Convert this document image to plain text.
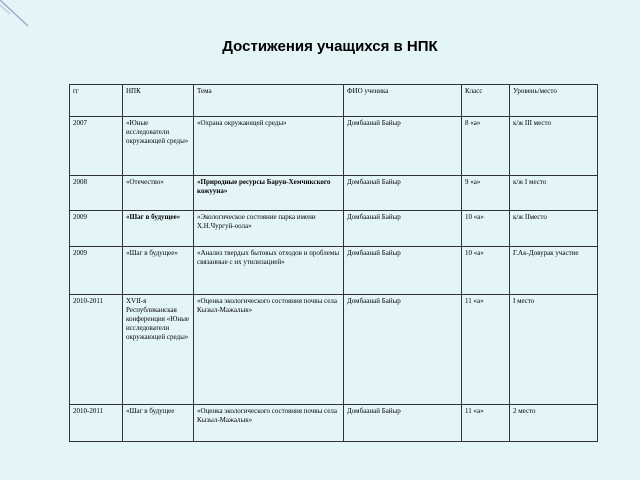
Достижения учащихся в НПК
гг	НПК	Тема	ФИО ученика	Класс	Уровень/место
2007	«Юные исследователи окружающей среды»	«Охрана окружающей среды»	Домбаанай Байыр	8 «а»	к/ж III место
2008	«Отечество»	«Природные ресурсы Барун-Хемчикского кожууна»	Домбаанай Байыр	9 «а»	к/ж I место
2009	«Шаг в будущее»	«Экологическое состояние парка имени Х.Н.Чургуй-оола»	Домбаанай Байыр	10 «а»	к/ж IIместо
2009	«Шаг в будущее»	«Анализ твердых бытовых отходов и проблемы связанные с их утилизацией»	Домбаанай Байыр	10 «а»	Г.Ак-Довурак участие
2010-2011	XVII-я Республиканская конференция «Юные исследователи окружающей среды»	«Оценка экологического состояния почвы села Кызыл-Мажалык»	Домбаанай Байыр	11 «а»	I место
2010-2011	«Шаг в будущее	«Оценка экологического состояния почвы села Кызыл-Мажалык»	Домбаанай Байыр	11 «а»	2 место
